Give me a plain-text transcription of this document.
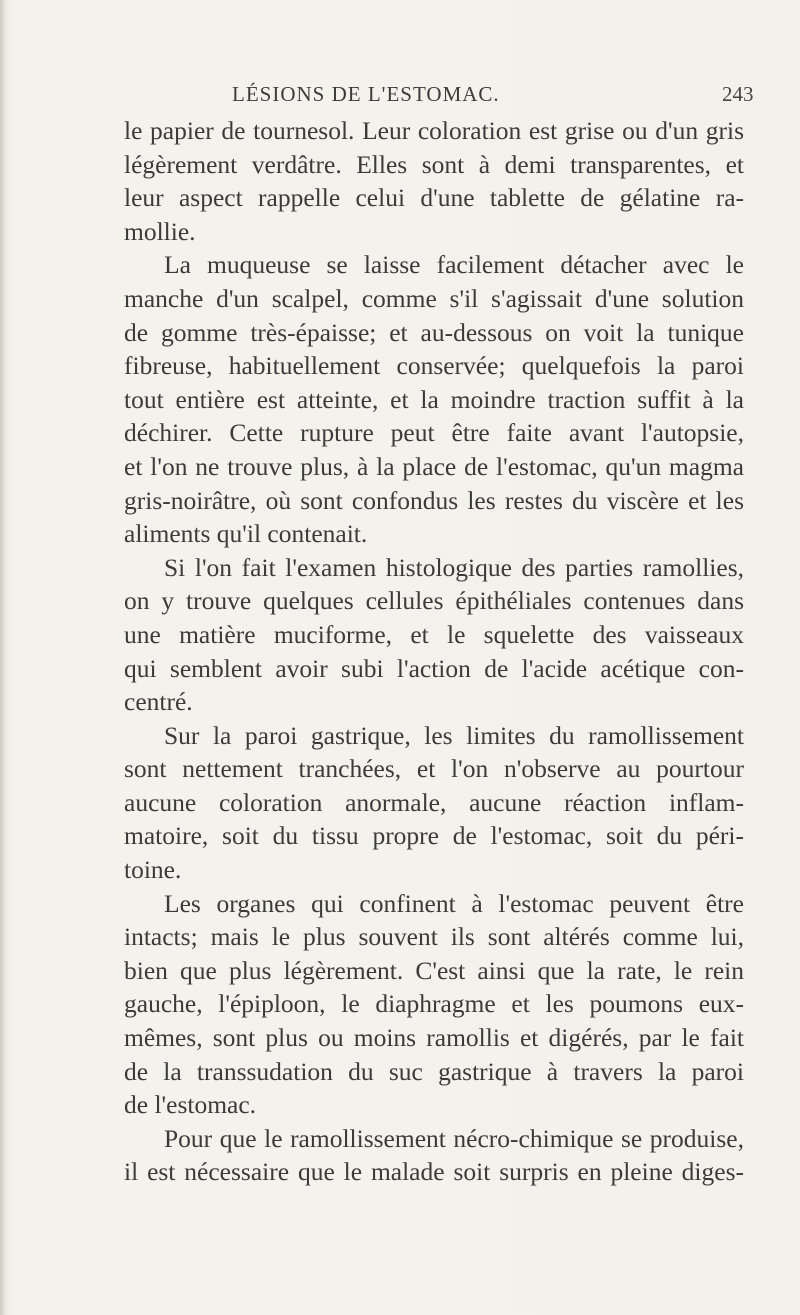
LÉSIONS DE L'ESTOMAC.	243
le papier de tournesol. Leur coloration est grise ou d'un gris
légèrement verdâtre. Elles sont à demi transparentes, et
leur aspect rappelle celui d'une tablette de gélatine ra-
mollie.
La muqueuse se laisse facilement détacher avec le
manche d'un scalpel, comme s'il s'agissait d'une solution
de gomme très-épaisse; et au-dessous on voit la tunique
fibreuse, habituellement conservée; quelquefois la paroi
tout entière est atteinte, et la moindre traction suffit à la
déchirer. Cette rupture peut être faite avant l'autopsie,
et l'on ne trouve plus, à la place de l'estomac, qu'un magma
gris-noirâtre, où sont confondus les restes du viscère et les
aliments qu'il contenait.
Si l'on fait l'examen histologique des parties ramollies,
on y trouve quelques cellules épithéliales contenues dans
une matière muciforme, et le squelette des vaisseaux
qui semblent avoir subi l'action de l'acide acétique con-
centré.
Sur la paroi gastrique, les limites du ramollissement
sont nettement tranchées, et l'on n'observe au pourtour
aucune coloration anormale, aucune réaction inflam-
matoire, soit du tissu propre de l'estomac, soit du péri-
toine.
Les organes qui confinent à l'estomac peuvent être
intacts; mais le plus souvent ils sont altérés comme lui,
bien que plus légèrement. C'est ainsi que la rate, le rein
gauche, l'épiploon, le diaphragme et les poumons eux-
mêmes, sont plus ou moins ramollis et digérés, par le fait
de la transsudation du suc gastrique à travers la paroi
de l'estomac.
Pour que le ramollissement nécro-chimique se produise,
il est nécessaire que le malade soit surpris en pleine diges-
